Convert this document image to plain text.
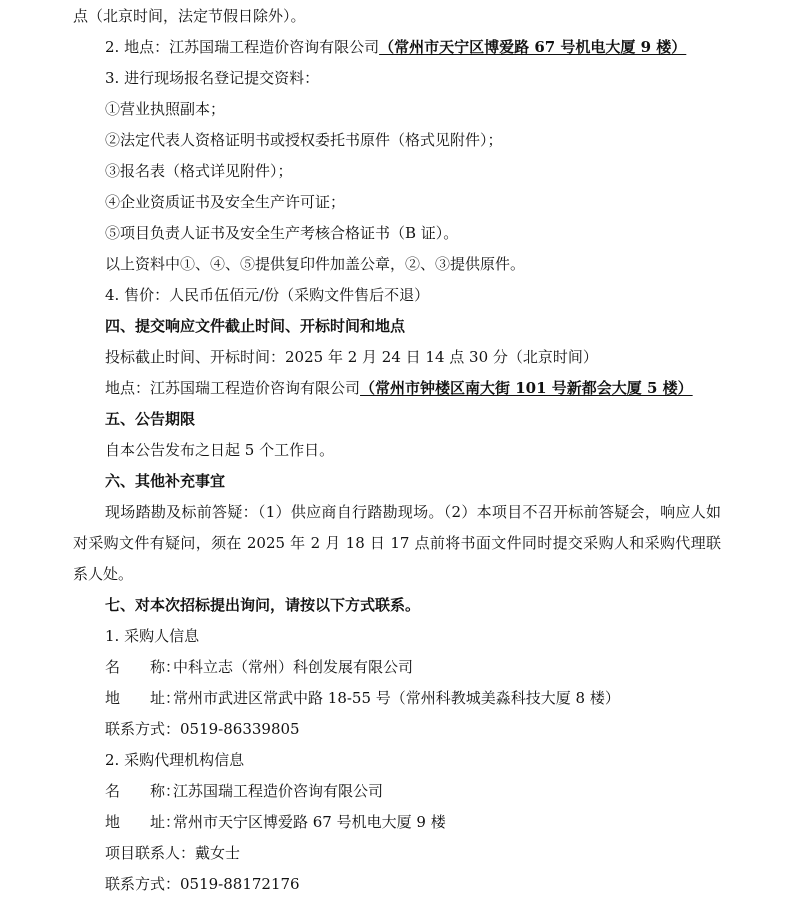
点（北京时间，法定节假日除外）。
2. 地点：江苏国瑞工程造价咨询有限公司（常州市天宁区博爱路 67 号机电大厦 9 楼）
3. 进行现场报名登记提交资料：
①营业执照副本；
②法定代表人资格证明书或授权委托书原件（格式见附件）；
③报名表（格式详见附件）；
④企业资质证书及安全生产许可证；
⑤项目负责人证书及安全生产考核合格证书（B 证）。
以上资料中①、④、⑤提供复印件加盖公章，②、③提供原件。
4. 售价：人民币伍佰元/份（采购文件售后不退）
四、提交响应文件截止时间、开标时间和地点
投标截止时间、开标时间：2025 年 2 月 24 日 14 点 30 分（北京时间）
地点：江苏国瑞工程造价咨询有限公司（常州市钟楼区南大街 101 号新都会大厦 5 楼）
五、公告期限
自本公告发布之日起 5 个工作日。
六、其他补充事宜
现场踏勘及标前答疑：（1）供应商自行踏勘现场。（2）本项目不召开标前答疑会，响应人如对采购文件有疑问，须在 2025 年 2 月 18 日 17 点前将书面文件同时提交采购人和采购代理联系人处。
七、对本次招标提出询问，请按以下方式联系。
1. 采购人信息
名　　称：中科立志（常州）科创发展有限公司
地　　址：常州市武进区常武中路 18-55 号（常州科教城美淼科技大厦 8 楼）
联系方式：0519-86339805
2. 采购代理机构信息
名　　称：江苏国瑞工程造价咨询有限公司
地　　址：常州市天宁区博爱路 67 号机电大厦 9 楼
项目联系人：戴女士
联系方式：0519-88172176
